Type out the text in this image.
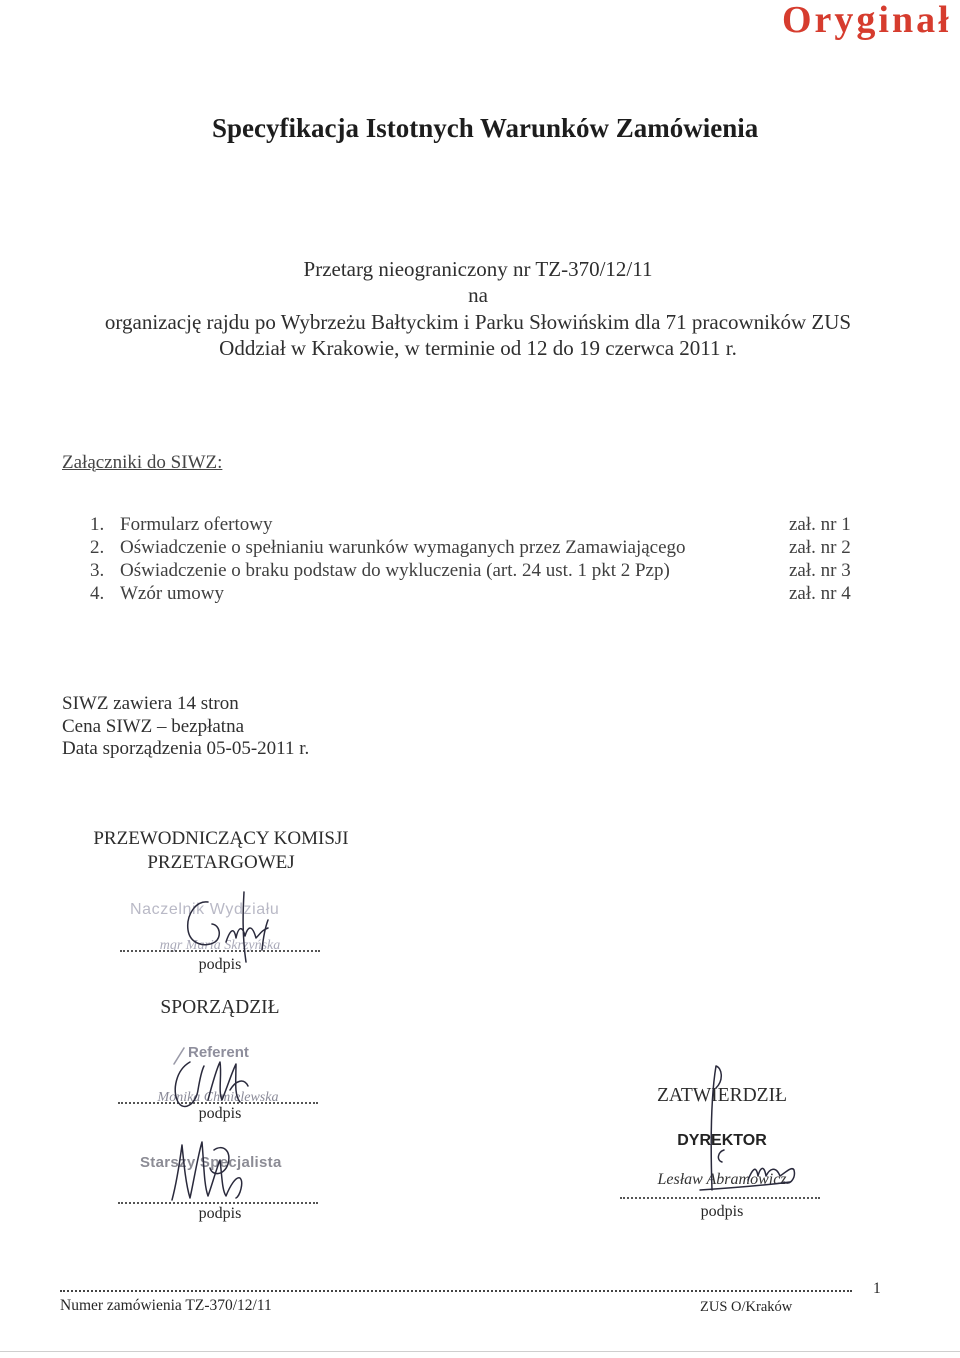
Oryginał
Specyfikacja Istotnych Warunków Zamówienia
Przetarg nieograniczony nr TZ-370/12/11
na
organizację rajdu po Wybrzeżu Bałtyckim i Parku Słowińskim dla 71 pracowników ZUS
Oddział w Krakowie, w terminie od 12 do 19 czerwca 2011 r.
Załączniki do SIWZ:
1. Formularz ofertowy	zał. nr 1
2. Oświadczenie o spełnianiu warunków wymaganych przez Zamawiającego	zał. nr 2
3. Oświadczenie o braku podstaw do wykluczenia (art. 24 ust. 1 pkt 2 Pzp)	zał. nr 3
4. Wzór umowy	zał. nr 4
SIWZ zawiera 14 stron
Cena SIWZ – bezpłatna
Data sporządzenia 05-05-2011 r.
PRZEWODNICZĄCY KOMISJI
PRZETARGOWEJ
Naczelnik Wydziału
mgr Maria Skrzyńska
podpis
SPORZĄDZIŁ
Referent
Monika Chmielewska
podpis
Starszy Specjalista
podpis
ZATWIERDZIŁ
DYREKTOR
Lesław Abramowicz
podpis
1
Numer zamówienia TZ-370/12/11	ZUS O/Kraków
